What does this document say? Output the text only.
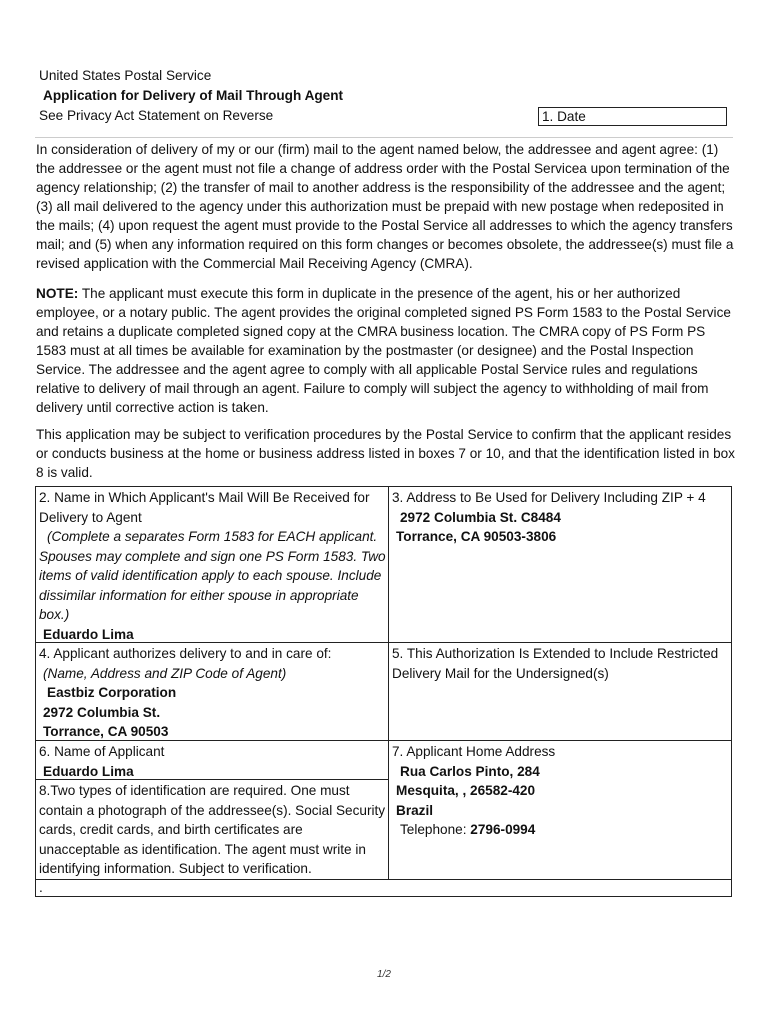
United States Postal Service
Application for Delivery of Mail Through Agent
See Privacy Act Statement on Reverse	1. Date

In consideration of delivery of my or our (firm) mail to the agent named below, the addressee and agent agree: (1) the addressee or the agent must not file a change of address order with the Postal Servicea upon termination of the agency relationship; (2) the transfer of mail to another address is the responsibility of the addressee and the agent; (3) all mail delivered to the agency under this authorization must be prepaid with new postage when redeposited in the mails; (4) upon request the agent must provide to the Postal Service all addresses to which the agency transfers mail; and (5) when any information required on this form changes or becomes obsolete, the addressee(s) must file a revised application with the Commercial Mail Receiving Agency (CMRA).

NOTE: The applicant must execute this form in duplicate in the presence of the agent, his or her authorized employee, or a notary public. The agent provides the original completed signed PS Form 1583 to the Postal Service and retains a duplicate completed signed copy at the CMRA business location. The CMRA copy of PS Form PS 1583 must at all times be available for examination by the postmaster (or designee) and the Postal Inspection Service. The addressee and the agent agree to comply with all applicable Postal Service rules and regulations relative to delivery of mail through an agent. Failure to comply will subject the agency to withholding of mail from delivery until corrective action is taken.

This application may be subject to verification procedures by the Postal Service to confirm that the applicant resides or conducts business at the home or business address listed in boxes 7 or 10, and that the identification listed in box 8 is valid.

2. Name in Which Applicant's Mail Will Be Received for Delivery to Agent
(Complete a separates Form 1583 for EACH applicant. Spouses may complete and sign one PS Form 1583. Two items of valid identification apply to each spouse. Include dissimilar information for either spouse in appropriate box.)
Eduardo Lima
3. Address to Be Used for Delivery Including ZIP + 4
2972 Columbia St. C8484
Torrance, CA 90503-3806
4. Applicant authorizes delivery to and in care of:
(Name, Address and ZIP Code of Agent)
Eastbiz Corporation
2972 Columbia St.
Torrance, CA 90503
5. This Authorization Is Extended to Include Restricted Delivery Mail for the Undersigned(s)
6. Name of Applicant
Eduardo Lima
7. Applicant Home Address
Rua Carlos Pinto, 284
Mesquita, , 26582-420
Brazil
Telephone: 2796-0994
8.Two types of identification are required. One must contain a photograph of the addressee(s). Social Security cards, credit cards, and birth certificates are unacceptable as identification. The agent must write in identifying information. Subject to verification.
.
1/2
